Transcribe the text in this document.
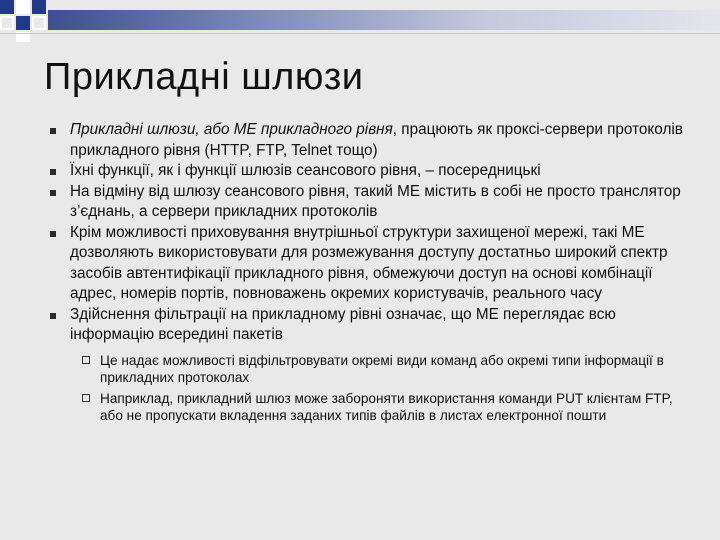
Прикладні шлюзи
Прикладні шлюзи, або МЕ прикладного рівня, працюють як проксі-сервери протоколів прикладного рівня (HTTP, FTP, Telnet тощо)
Їхні функції, як і функції шлюзів сеансового рівня, – посередницькі
На відміну від шлюзу сеансового рівня, такий МЕ містить в собі не просто транслятор з’єднань, а сервери прикладних протоколів
Крім можливості приховування внутрішньої структури захищеної мережі, такі МЕ дозволяють використовувати для розмежування доступу достатньо широкий спектр засобів автентифікації прикладного рівня, обмежуючи доступ на основі комбінації адрес, номерів портів, повноважень окремих користувачів, реального часу
Здійснення фільтрації на прикладному рівні означає, що МЕ переглядає всю інформацію всередині пакетів
Це надає можливості відфільтровувати окремі види команд або окремі типи інформації в прикладних протоколах
Наприклад, прикладний шлюз може забороняти використання команди PUT клієнтам FTP, або не пропускати вкладення заданих типів файлів в листах електронної пошти
